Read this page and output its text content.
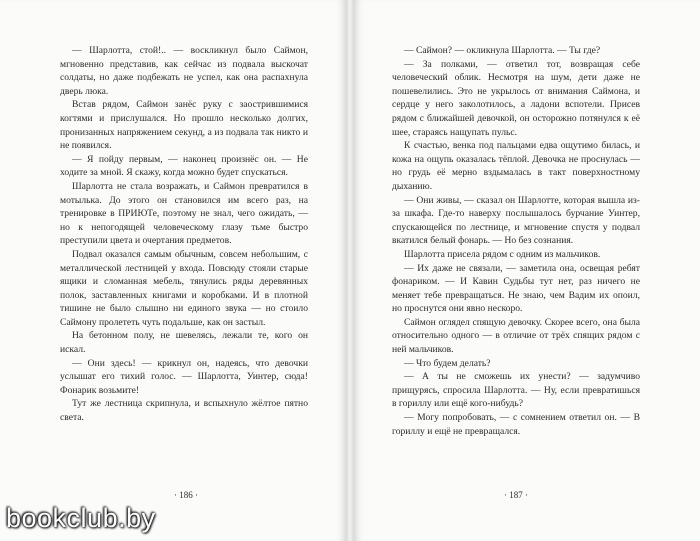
— Шарлотта, стой!.. — воскликнул было Саймон, мгновенно представив, как сейчас из подвала выскочат солдаты, но даже подбежать не успел, как она распахнула дверь люка.

Встав рядом, Саймон занёс руку с заострившимися когтями и прислушался. Но прошло несколько долгих, пронизанных напряжением секунд, а из подвала так никто и не появился.

— Я пойду первым, — наконец произнёс он. — Не ходите за мной. Я скажу, когда можно будет спускаться.

Шарлотта не стала возражать, и Саймон превратился в мотылька. До этого он становился им всего раз, на тренировке в ПРИЮТе, поэтому не знал, чего ожидать, — но к непогодящей человеческому глазу тьме быстро преступили цвета и очертания предметов.

Подвал оказался самым обычным, совсем небольшим, с металлической лестницей у входа. Повсюду стояли старые ящики и сломанная мебель, тянулись ряды деревянных полок, заставленных книгами и коробками. И в плотной тишине не было слышно ни единого звука — но стоило Саймону пролететь чуть подальше, как он застыл.

На бетонном полу, не шевелясь, лежали те, кого он искал.

— Они здесь! — крикнул он, надеясь, что девочки услышат его тихий голос. — Шарлотта, Уинтер, сюда! Фонарик возьмите!

Тут же лестница скрипнула, и вспыхнуло жёлтое пятно света.

— Саймон? — окликнула Шарлотта. — Ты где?

— За полками, — ответил тот, возвращая себе человеческий облик. Несмотря на шум, дети даже не пошевелились. Это не укрылось от внимания Саймона, и сердце у него заколотилось, а ладони вспотели. Присев рядом с ближайшей девочкой, он осторожно потянулся к её шее, стараясь нащупать пульс.

К счастью, венка под пальцами едва ощутимо билась, и кожа на ощупь оказалась тёплой. Девочка не проснулась — но грудь её мерно вздымалась в такт поверхностному дыханию.

— Они живы, — сказал он Шарлотте, которая вышла из-за шкафа. Где-то наверху послышалось бурчание Уинтер, спускающейся по лестнице, и мгновение спустя у подвал вкатился белый фонарь. — Но без сознания.

Шарлотта присела рядом с одним из мальчиков.

— Их даже не связали, — заметила она, освещая ребят фонариком. — И Кавин Судьбы тут нет, раз ничего не меняет тебе превращаться. Не знаю, чем Вадим их опоил, но проснутся они явно нескоро.

Саймон оглядел спящую девочку. Скорее всего, она была относительно одного — в отличие от трёх спящих рядом с ней мальчиков.

— Что будем делать?

— А ты не сможешь их унести? — задумчиво прищурясь, спросила Шарлотта. — Ну, если превратишься в гориллу или ещё кого-нибудь?

— Могу попробовать, — с сомнением ответил он. — В гориллу и ещё не превращался.

· 186 ·	· 187 ·
bookclub.by
